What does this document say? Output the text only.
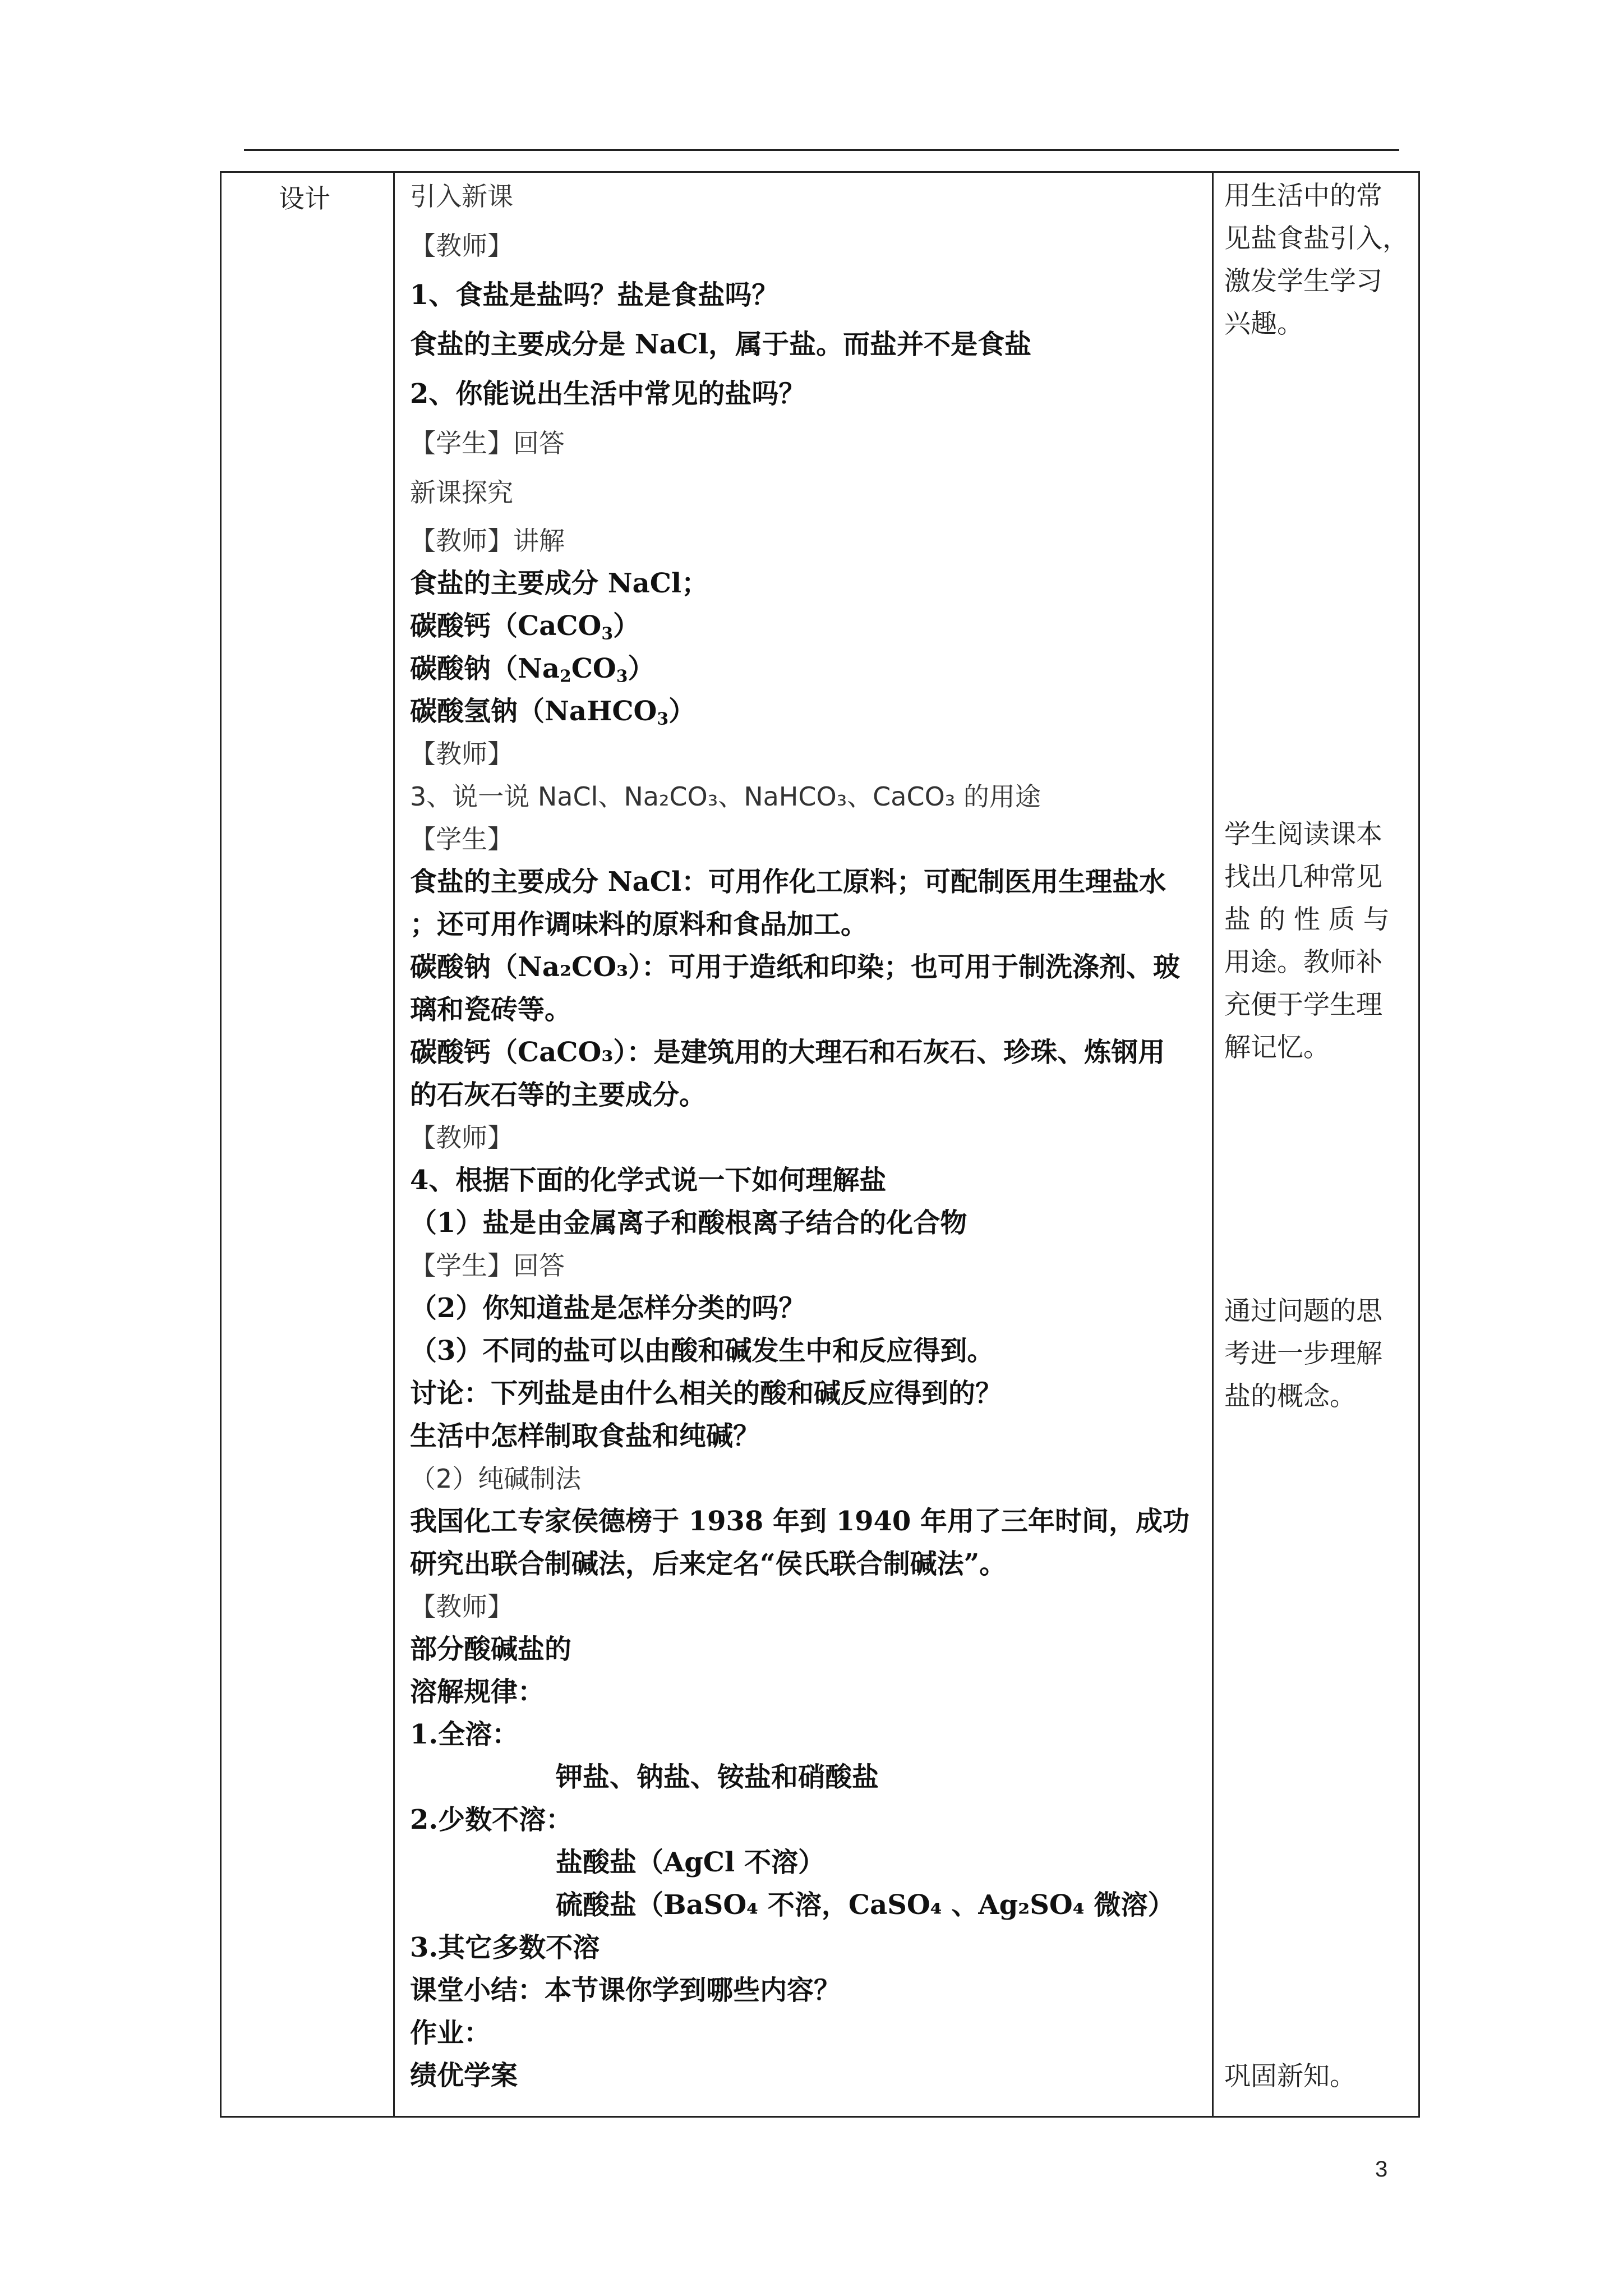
设计	引入新课
【教师】
1、食盐是盐吗？盐是食盐吗？
食盐的主要成分是 NaCl，属于盐。而盐并不是食盐
2、你能说出生活中常见的盐吗？
【学生】回答
新课探究
【教师】讲解
食盐的主要成分 NaCl；
碳酸钙（CaCO$_3$）
碳酸钠$(Na_2CO_3)$
碳酸氢钠（NaHCO$_3$）
【教师】
3、说一说 NaCl、Na₂CO₃、NaHCO₃、CaCO₃ 的用途
【学生】
食盐的主要成分 NaCl：可用作化工原料；可配制医用生理盐水
；还可用作调味料的原料和食品加工。
碳酸钠（Na₂CO₃）：可用于造纸和印染；也可用于制洗涤剂、玻
璃和瓷砖等。
碳酸钙（CaCO₃）：是建筑用的大理石和石灰石、珍珠、炼钢用
的石灰石等的主要成分。
【教师】
4、根据下面的化学式说一下如何理解盐
（1）盐是由金属离子和酸根离子结合的化合物
【学生】回答
（2）你知道盐是怎样分类的吗？
（3）不同的盐可以由酸和碱发生中和反应得到。
讨论：下列盐是由什么相关的酸和碱反应得到的？
生活中怎样制取食盐和纯碱？
（2）纯碱制法
我国化工专家侯德榜于 1938 年到 1940 年用了三年时间，成功
研究出联合制碱法，后来定名“侯氏联合制碱法”。
【教师】
部分酸碱盐的
溶解规律：
1.全溶：
钾盐、钠盐、铵盐和硝酸盐
2.少数不溶：
盐酸盐（AgCl 不溶）
硫酸盐（BaSO₄ 不溶，CaSO₄ 、Ag₂SO₄ 微溶）
3.其它多数不溶
课堂小结：本节课你学到哪些内容？
作业：
绩优学案
用生活中的常
见盐食盐引入，
激发学生学习
兴趣。
学生阅读课本
找出几种常见
盐 的 性 质 与
用途。教师补
充便于学生理
解记忆。
通过问题的思
考进一步理解
盐的概念。
巩固新知。
3
